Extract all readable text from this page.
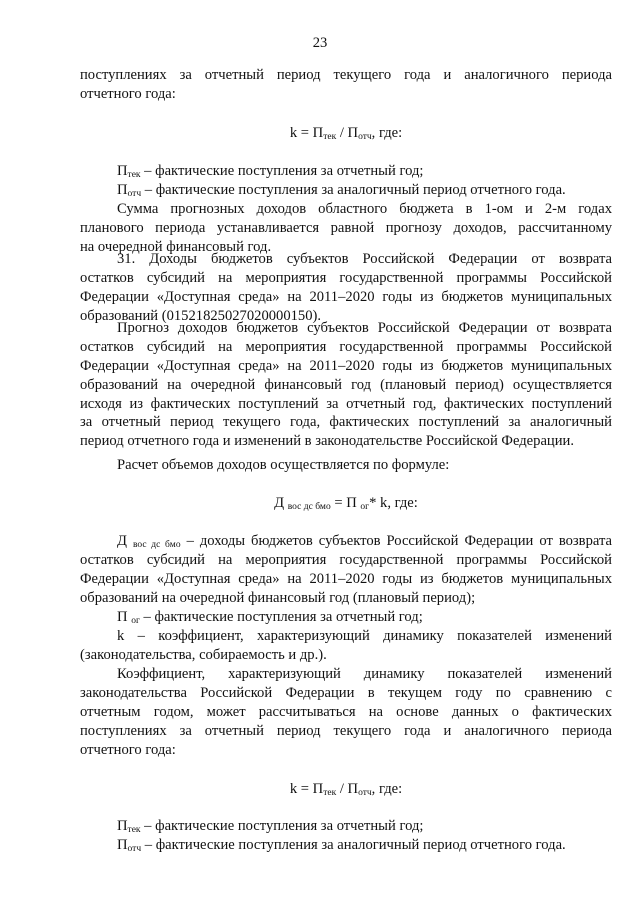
23
поступлениях за отчетный период текущего года и аналогичного периода
отчетного года:
k = Птек / Потч, где:
Птек – фактические поступления за отчетный год;
Потч – фактические поступления за аналогичный период отчетного года.
Сумма прогнозных доходов областного бюджета в 1-ом и 2-м годах
планового периода устанавливается равной прогнозу доходов, рассчитанному
на очередной финансовый год.
31. Доходы бюджетов субъектов Российской Федерации от возврата
остатков субсидий на мероприятия государственной программы Российской
Федерации «Доступная среда» на 2011–2020 годы из бюджетов муниципальных
образований (01521825027020000150).
Прогноз доходов бюджетов субъектов Российской Федерации от возврата
остатков субсидий на мероприятия государственной программы Российской
Федерации «Доступная среда» на 2011–2020 годы из бюджетов муниципальных
образований на очередной финансовый год (плановый период) осуществляется
исходя из фактических поступлений за отчетный год, фактических поступлений
за отчетный период текущего года, фактических поступлений за аналогичный
период отчетного года и изменений в законодательстве Российской Федерации.
Расчет объемов доходов осуществляется по формуле:
Д вос дс бмо = П ог* k, где:
Д вос дс бмо – доходы бюджетов субъектов Российской Федерации от возврата
остатков субсидий на мероприятия государственной программы Российской
Федерации «Доступная среда» на 2011–2020 годы из бюджетов муниципальных
образований на очередной финансовый год (плановый период);
П ог – фактические поступления за отчетный год;
k – коэффициент, характеризующий динамику показателей изменений
(законодательства, собираемость и др.).
Коэффициент, характеризующий динамику показателей изменений
законодательства Российской Федерации в текущем году по сравнению с
отчетным годом, может рассчитываться на основе данных о фактических
поступлениях за отчетный период текущего года и аналогичного периода
отчетного года:
k = Птек / Потч, где:
Птек – фактические поступления за отчетный год;
Потч – фактические поступления за аналогичный период отчетного года.
